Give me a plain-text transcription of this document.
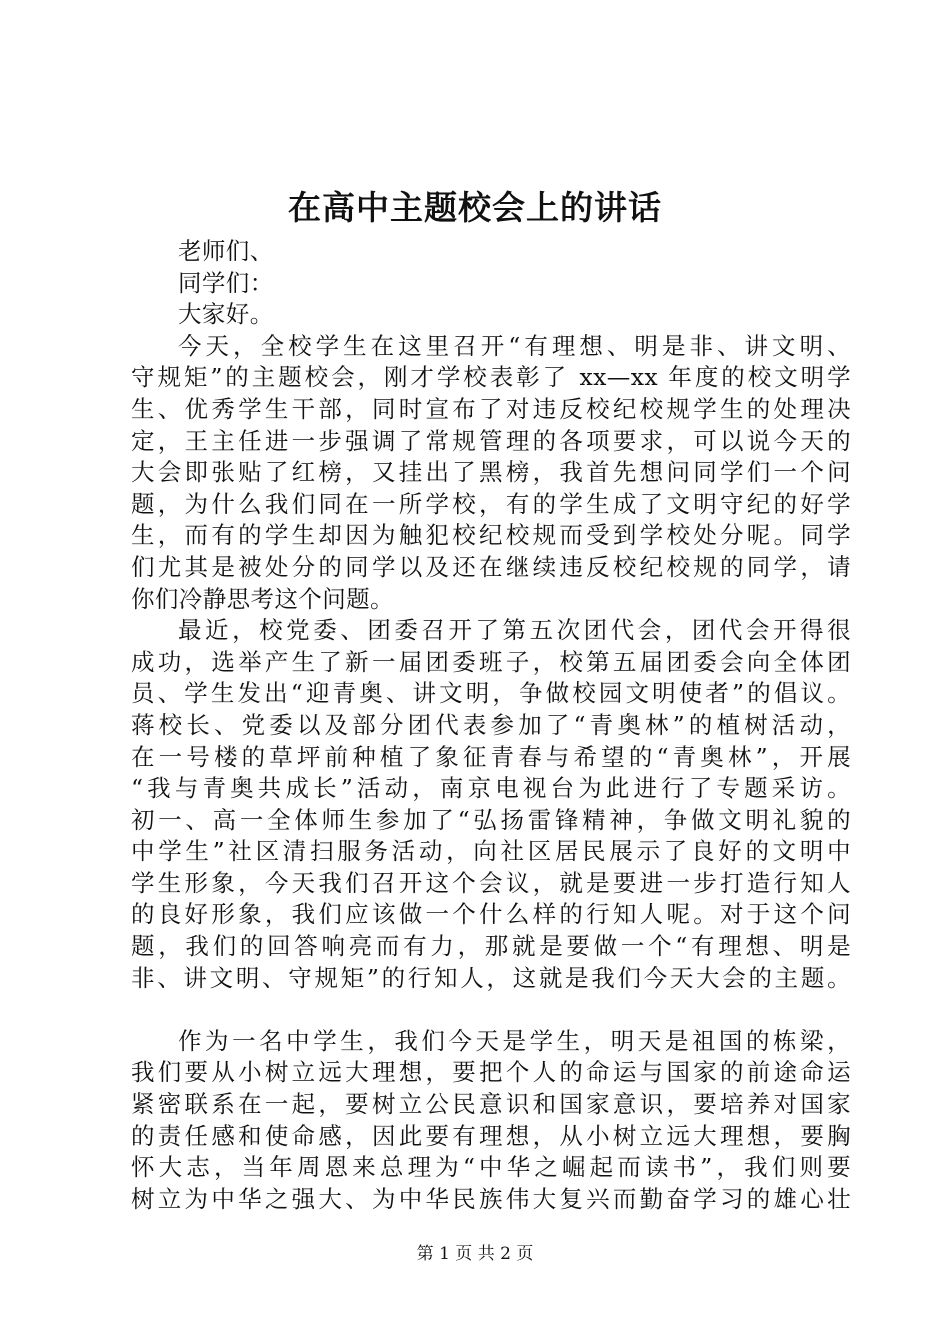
在高中主题校会上的讲话
老师们、
同学们：
大家好。
今天，全校学生在这里召开“有理想、明是非、讲文明、
守规矩”的主题校会，刚才学校表彰了 xx—xx 年度的校文明学
生、优秀学生干部，同时宣布了对违反校纪校规学生的处理决
定，王主任进一步强调了常规管理的各项要求，可以说今天的
大会即张贴了红榜，又挂出了黑榜，我首先想问同学们一个问
题，为什么我们同在一所学校，有的学生成了文明守纪的好学
生，而有的学生却因为触犯校纪校规而受到学校处分呢。同学
们尤其是被处分的同学以及还在继续违反校纪校规的同学，请
你们冷静思考这个问题。
最近，校党委、团委召开了第五次团代会，团代会开得很
成功，选举产生了新一届团委班子，校第五届团委会向全体团
员、学生发出“迎青奥、讲文明，争做校园文明使者”的倡议。
蒋校长、党委以及部分团代表参加了“青奥林”的植树活动，
在一号楼的草坪前种植了象征青春与希望的“青奥林”，开展
“我与青奥共成长”活动，南京电视台为此进行了专题采访。
初一、高一全体师生参加了“弘扬雷锋精神，争做文明礼貌的
中学生”社区清扫服务活动，向社区居民展示了良好的文明中
学生形象，今天我们召开这个会议，就是要进一步打造行知人
的良好形象，我们应该做一个什么样的行知人呢。对于这个问
题，我们的回答响亮而有力，那就是要做一个“有理想、明是
非、讲文明、守规矩”的行知人，这就是我们今天大会的主题。
作为一名中学生，我们今天是学生，明天是祖国的栋梁，
我们要从小树立远大理想，要把个人的命运与国家的前途命运
紧密联系在一起，要树立公民意识和国家意识，要培养对国家
的责任感和使命感，因此要有理想，从小树立远大理想，要胸
怀大志，当年周恩来总理为“中华之崛起而读书”，我们则要
树立为中华之强大、为中华民族伟大复兴而勤奋学习的雄心壮
第 1 页 共 2 页
